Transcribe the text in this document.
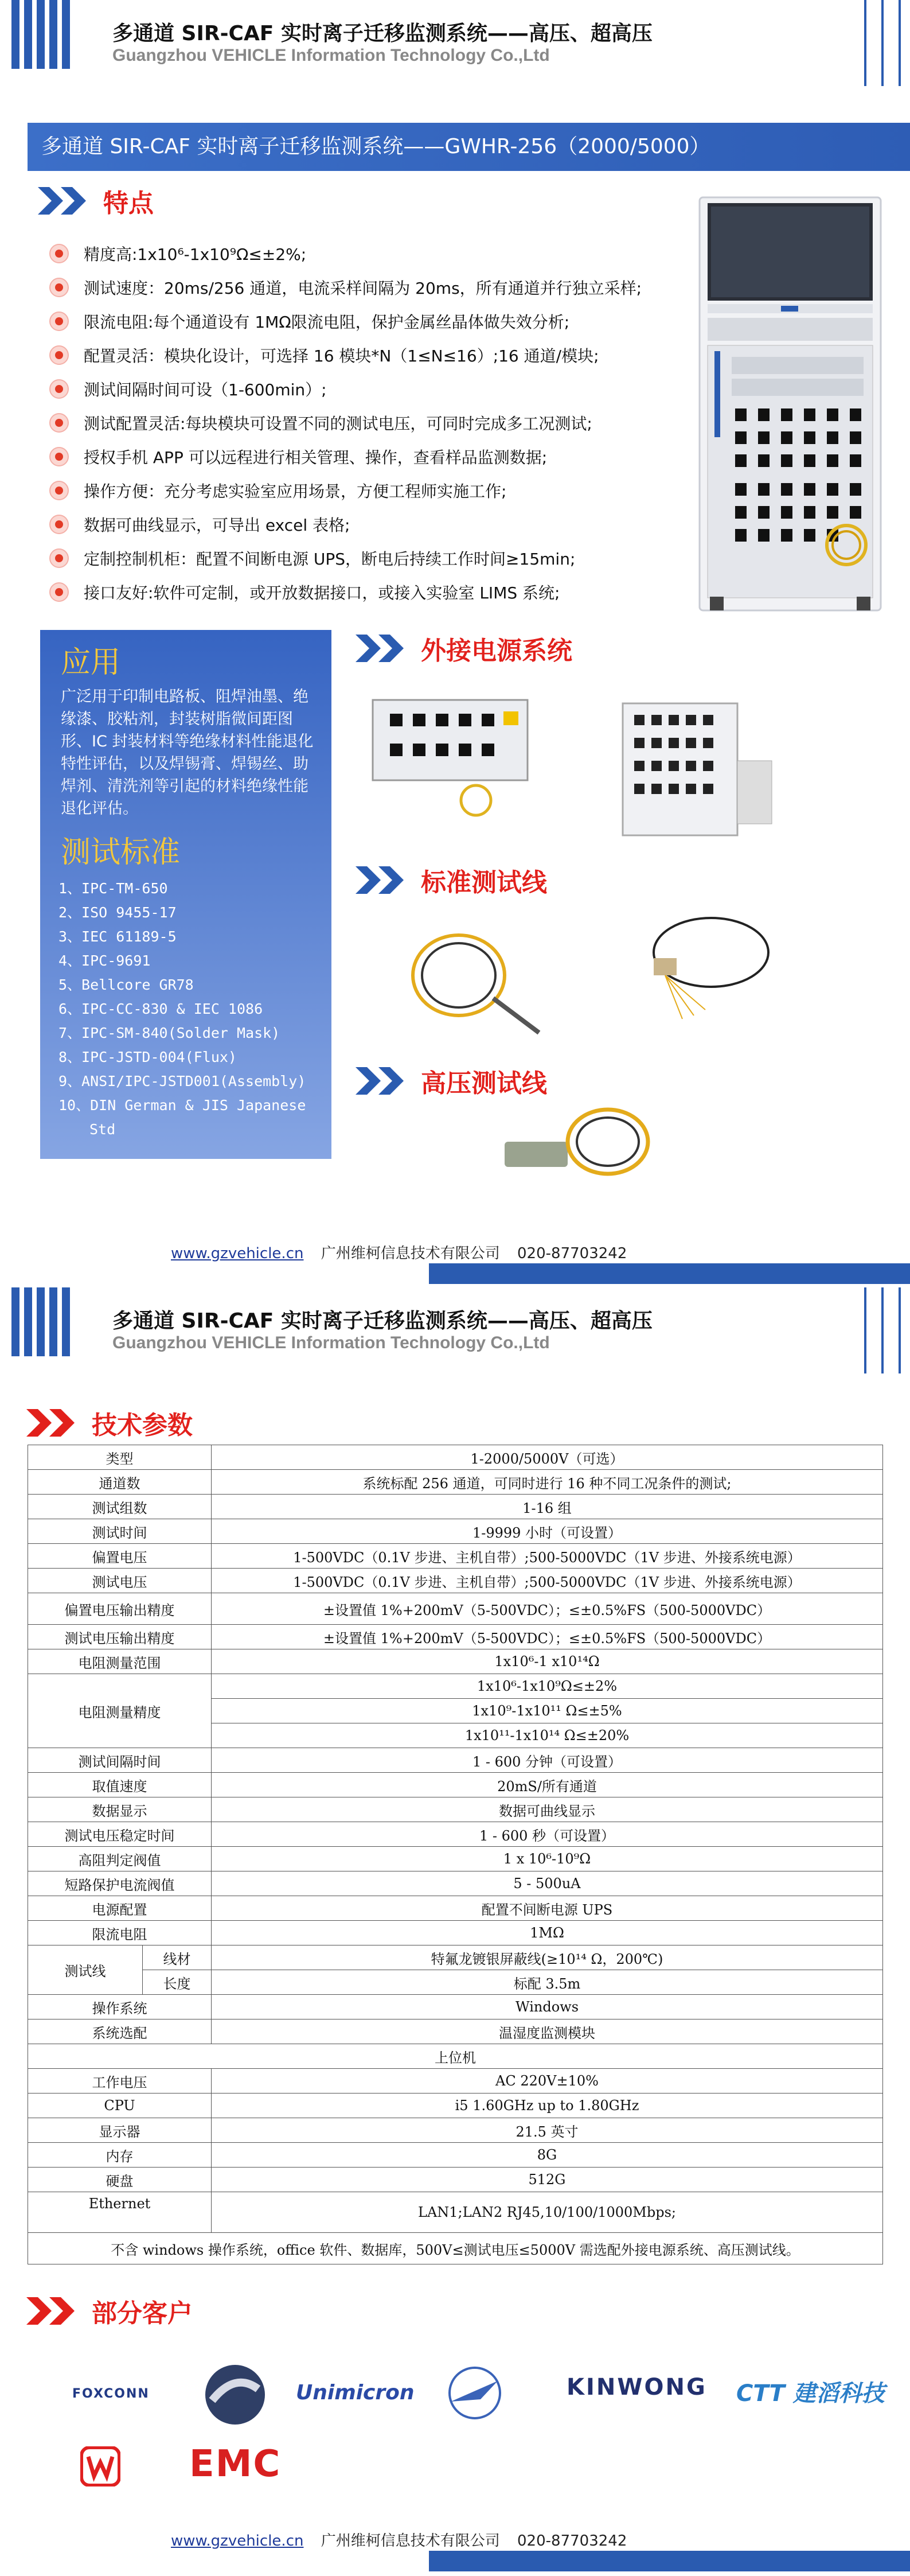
多通道 SIR-CAF 实时离子迁移监测系统——高压、超高压
Guangzhou VEHICLE Information Technology Co.,Ltd
多通道 SIR-CAF 实时离子迁移监测系统——GWHR-256（2000/5000）
特点
精度高:1x10⁶-1x10⁹Ω≤±2%;
测试速度：20ms/256 通道，电流采样间隔为 20ms，所有通道并行独立采样;
限流电阻:每个通道设有 1MΩ限流电阻，保护金属丝晶体做失效分析;
配置灵活：模块化设计，可选择 16 模块*N（1≤N≤16）;16 通道/模块;
测试间隔时间可设（1-600min）;
测试配置灵活:每块模块可设置不同的测试电压，可同时完成多工况测试;
授权手机 APP 可以远程进行相关管理、操作，查看样品监测数据;
操作方便：充分考虑实验室应用场景，方便工程师实施工作;
数据可曲线显示，可导出 excel 表格;
定制控制机柜：配置不间断电源 UPS，断电后持续工作时间≥15min;
接口友好:软件可定制，或开放数据接口，或接入实验室 LIMS 系统;
应用

广泛用于印制电路板、阻焊油墨、绝缘漆、胶粘剂，封装树脂微间距图形、IC 封装材料等绝缘材料性能退化特性评估，以及焊锡膏、焊锡丝、助焊剂、清洗剂等引起的材料绝缘性能退化评估。

测试标准
1、IPC-TM-650
2、ISO 9455-17
3、IEC 61189-5
4、IPC-9691
5、Bellcore GR78
6、IPC-CC-830 & IEC 1086
7、IPC-SM-840(Solder Mask)
8、IPC-JSTD-004(Flux)
9、ANSI/IPC-JSTD001(Assembly)
10、DIN German & JIS Japanese
Std
外接电源系统
标准测试线
高压测试线
www.gzvehicle.cn 广州维柯信息技术有限公司 020-87703242
多通道 SIR-CAF 实时离子迁移监测系统——高压、超高压
Guangzhou VEHICLE Information Technology Co.,Ltd
技术参数
类型		1-2000/5000V（可选）
通道数		系统标配 256 通道，可同时进行 16 种不同工况条件的测试;
测试组数		1-16 组
测试时间		1-9999 小时（可设置）
偏置电压		1-500VDC（0.1V 步进、主机自带）;500-5000VDC（1V 步进、外接系统电源）
测试电压		1-500VDC（0.1V 步进、主机自带）;500-5000VDC（1V 步进、外接系统电源）
偏置电压输出精度		±设置值 1%+200mV（5-500VDC）；≤±0.5%FS（500-5000VDC）
测试电压输出精度		±设置值 1%+200mV（5-500VDC）；≤±0.5%FS（500-5000VDC）
电阻测量范围		1x10⁶-1 x10¹⁴Ω
电阻测量精度		1x10⁶-1x10⁹Ω≤±2%
		1x10⁹-1x10¹¹ Ω≤±5%
		1x10¹¹-1x10¹⁴ Ω≤±20%
测试间隔时间		1 - 600 分钟（可设置）
取值速度		20mS/所有通道
数据显示		数据可曲线显示
测试电压稳定时间		1 - 600 秒（可设置）
高阻判定阀值		1 x 10⁶-10⁹Ω
短路保护电流阀值		5 - 500uA
电源配置		配置不间断电源 UPS
限流电阻		1MΩ
测试线	线材	特氟龙镀银屏蔽线(≥10¹⁴ Ω，200℃)
	长度	标配 3.5m
操作系统		Windows
系统选配		温湿度监测模块
上位机		
工作电压		AC 220V±10%
CPU		i5 1.60GHz up to 1.80GHz
显示器		21.5 英寸
内存		8G
硬盘		512G
Ethernet		LAN1;LAN2 RJ45,10/100/1000Mbps;
不含 windows 操作系统，office 软件、数据库，500V≤测试电压≤5000V 需选配外接电源系统、高压测试线。		
部分客户
FOXCONN	Unimicron	KINWONG CTT 建滔科技
EMC
www.gzvehicle.cn 广州维柯信息技术有限公司 020-87703242
